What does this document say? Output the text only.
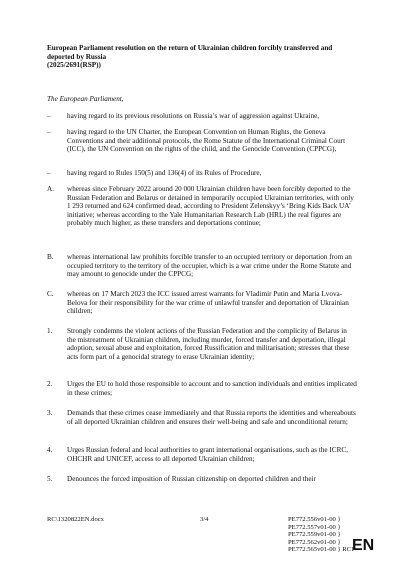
European Parliament resolution on the return of Ukrainian children forcibly transferred and deported by Russia
(2025/2691(RSP))
The European Parliament,
–	having regard to its previous resolutions on Russia’s war of aggression against Ukraine,
–	having regard to the UN Charter, the European Convention on Human Rights, the Geneva Conventions and their additional protocols, the Rome Statute of the International Criminal Court (ICC), the UN Convention on the rights of the child, and the Genocide Convention (CPPCG),
–	having regard to Rules 150(5) and 136(4) of its Rules of Procedure,
A.	whereas since February 2022 around 20 000 Ukrainian children have been forcibly deported to the Russian Federation and Belarus or detained in temporarily occupied Ukrainian territories, with only 1 293 returned and 624 confirmed dead, according to President Zelenskyy’s ‘Bring Kids Back UA’ initiative; whereas according to the Yale Humanitarian Research Lab (HRL) the real figures are probably much higher, as these transfers and deportations continue;
B.	whereas international law prohibits forcible transfer to an occupied territory or deportation from an occupied territory to the territory of the occupier, which is a war crime under the Rome Statute and may amount to genocide under the CPPCG;
C.	whereas on 17 March 2023 the ICC issued arrest warrants for Vladimir Putin and Maria Lvova-Belova for their responsibility for the war crime of unlawful transfer and deportation of Ukrainian children;
1.	Strongly condemns the violent actions of the Russian Federation and the complicity of Belarus in the mistreatment of Ukrainian children, including murder, forced transfer and deportation, illegal adoption, sexual abuse and exploitation, forced Russification and militarisation; stresses that these acts form part of a genocidal strategy to erase Ukrainian identity;
2.	Urges the EU to hold those responsible to account and to sanction individuals and entities implicated in these crimes;
3.	Demands that these crimes cease immediately and that Russia reports the identities and whereabouts of all deported Ukrainian children and ensures their well-being and safe and unconditional return;
4.	Urges Russian federal and local authorities to grant international organisations, such as the ICRC, OHCHR and UNICEF, access to all deported Ukrainian children;
5.	Denounces the forced imposition of Russian citizenship on deported children and their
RC\1320822EN.docx	3/4	PE772.556v01-00 }
PE772.557v01-00 }
PE772.559v01-00 }
PE772.562v01-00 }
PE772.565v01-00 } RC1
EN
